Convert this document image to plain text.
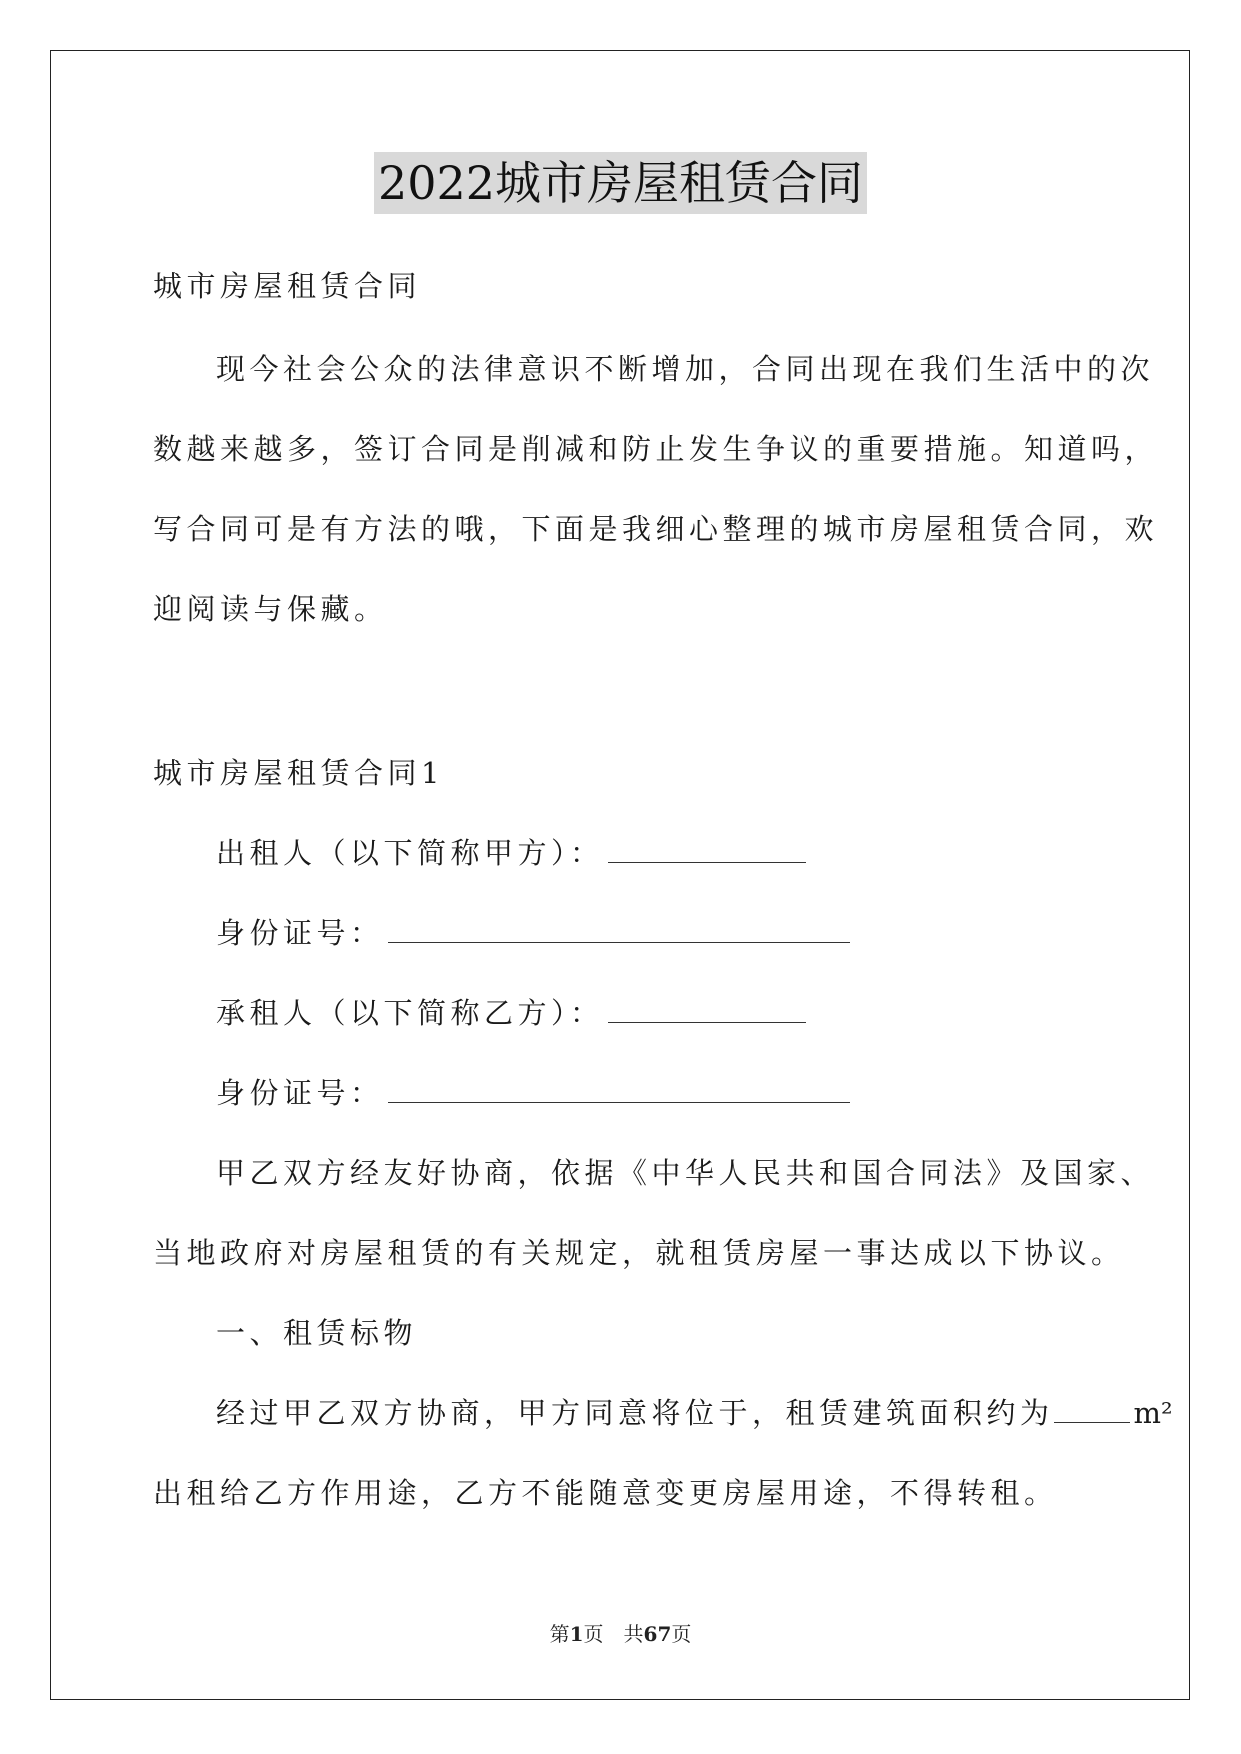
2022城市房屋租赁合同
城市房屋租赁合同
现今社会公众的法律意识不断增加，合同出现在我们生活中的次
数越来越多，签订合同是削减和防止发生争议的重要措施。知道吗，
写合同可是有方法的哦，下面是我细心整理的城市房屋租赁合同，欢
迎阅读与保藏。
城市房屋租赁合同1
出租人（以下简称甲方）：
身份证号：
承租人（以下简称乙方）：
身份证号：
甲乙双方经友好协商，依据《中华人民共和国合同法》及国家、
当地政府对房屋租赁的有关规定，就租赁房屋一事达成以下协议。
一、租赁标物
经过甲乙双方协商，甲方同意将位于，租赁建筑面积约为	m²
出租给乙方作用途，乙方不能随意变更房屋用途，不得转租。
第1页　共67页
